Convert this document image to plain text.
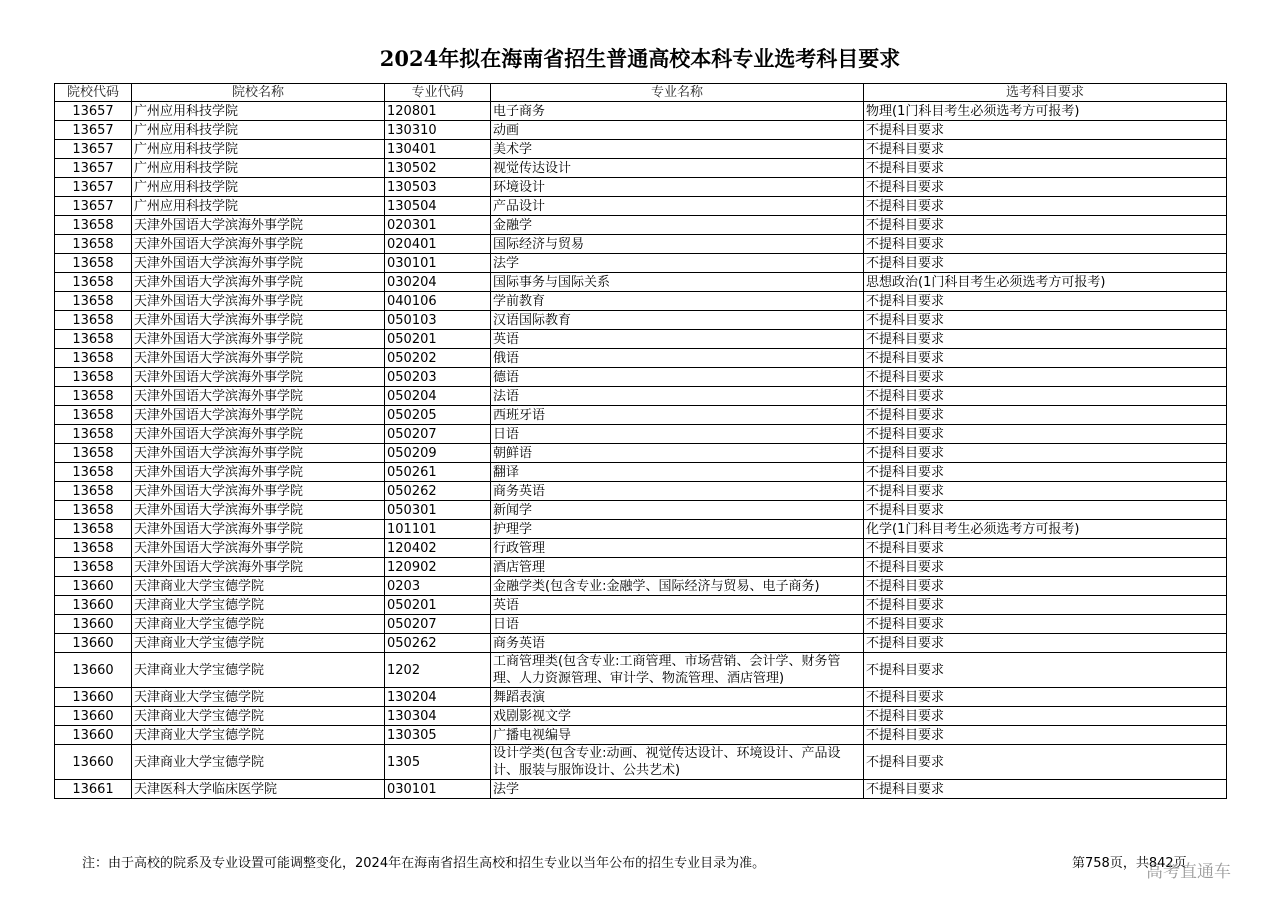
2024年拟在海南省招生普通高校本科专业选考科目要求
院校代码	院校名称	专业代码	专业名称	选考科目要求
13657	广州应用科技学院	120801	电子商务	物理(1门科目考生必须选考方可报考)
13657	广州应用科技学院	130310	动画	不提科目要求
13657	广州应用科技学院	130401	美术学	不提科目要求
13657	广州应用科技学院	130502	视觉传达设计	不提科目要求
13657	广州应用科技学院	130503	环境设计	不提科目要求
13657	广州应用科技学院	130504	产品设计	不提科目要求
13658	天津外国语大学滨海外事学院	020301	金融学	不提科目要求
13658	天津外国语大学滨海外事学院	020401	国际经济与贸易	不提科目要求
13658	天津外国语大学滨海外事学院	030101	法学	不提科目要求
13658	天津外国语大学滨海外事学院	030204	国际事务与国际关系	思想政治(1门科目考生必须选考方可报考)
13658	天津外国语大学滨海外事学院	040106	学前教育	不提科目要求
13658	天津外国语大学滨海外事学院	050103	汉语国际教育	不提科目要求
13658	天津外国语大学滨海外事学院	050201	英语	不提科目要求
13658	天津外国语大学滨海外事学院	050202	俄语	不提科目要求
13658	天津外国语大学滨海外事学院	050203	德语	不提科目要求
13658	天津外国语大学滨海外事学院	050204	法语	不提科目要求
13658	天津外国语大学滨海外事学院	050205	西班牙语	不提科目要求
13658	天津外国语大学滨海外事学院	050207	日语	不提科目要求
13658	天津外国语大学滨海外事学院	050209	朝鲜语	不提科目要求
13658	天津外国语大学滨海外事学院	050261	翻译	不提科目要求
13658	天津外国语大学滨海外事学院	050262	商务英语	不提科目要求
13658	天津外国语大学滨海外事学院	050301	新闻学	不提科目要求
13658	天津外国语大学滨海外事学院	101101	护理学	化学(1门科目考生必须选考方可报考)
13658	天津外国语大学滨海外事学院	120402	行政管理	不提科目要求
13658	天津外国语大学滨海外事学院	120902	酒店管理	不提科目要求
13660	天津商业大学宝德学院	0203	金融学类(包含专业:金融学、国际经济与贸易、电子商务)	不提科目要求
13660	天津商业大学宝德学院	050201	英语	不提科目要求
13660	天津商业大学宝德学院	050207	日语	不提科目要求
13660	天津商业大学宝德学院	050262	商务英语	不提科目要求
13660	天津商业大学宝德学院	1202	工商管理类(包含专业:工商管理、市场营销、会计学、财务管理、人力资源管理、审计学、物流管理、酒店管理)	不提科目要求
13660	天津商业大学宝德学院	130204	舞蹈表演	不提科目要求
13660	天津商业大学宝德学院	130304	戏剧影视文学	不提科目要求
13660	天津商业大学宝德学院	130305	广播电视编导	不提科目要求
13660	天津商业大学宝德学院	1305	设计学类(包含专业:动画、视觉传达设计、环境设计、产品设计、服装与服饰设计、公共艺术)	不提科目要求
13661	天津医科大学临床医学院	030101	法学	不提科目要求
注：由于高校的院系及专业设置可能调整变化，2024年在海南省招生高校和招生专业以当年公布的招生专业目录为准。	第758页，共842页
高考直通车
